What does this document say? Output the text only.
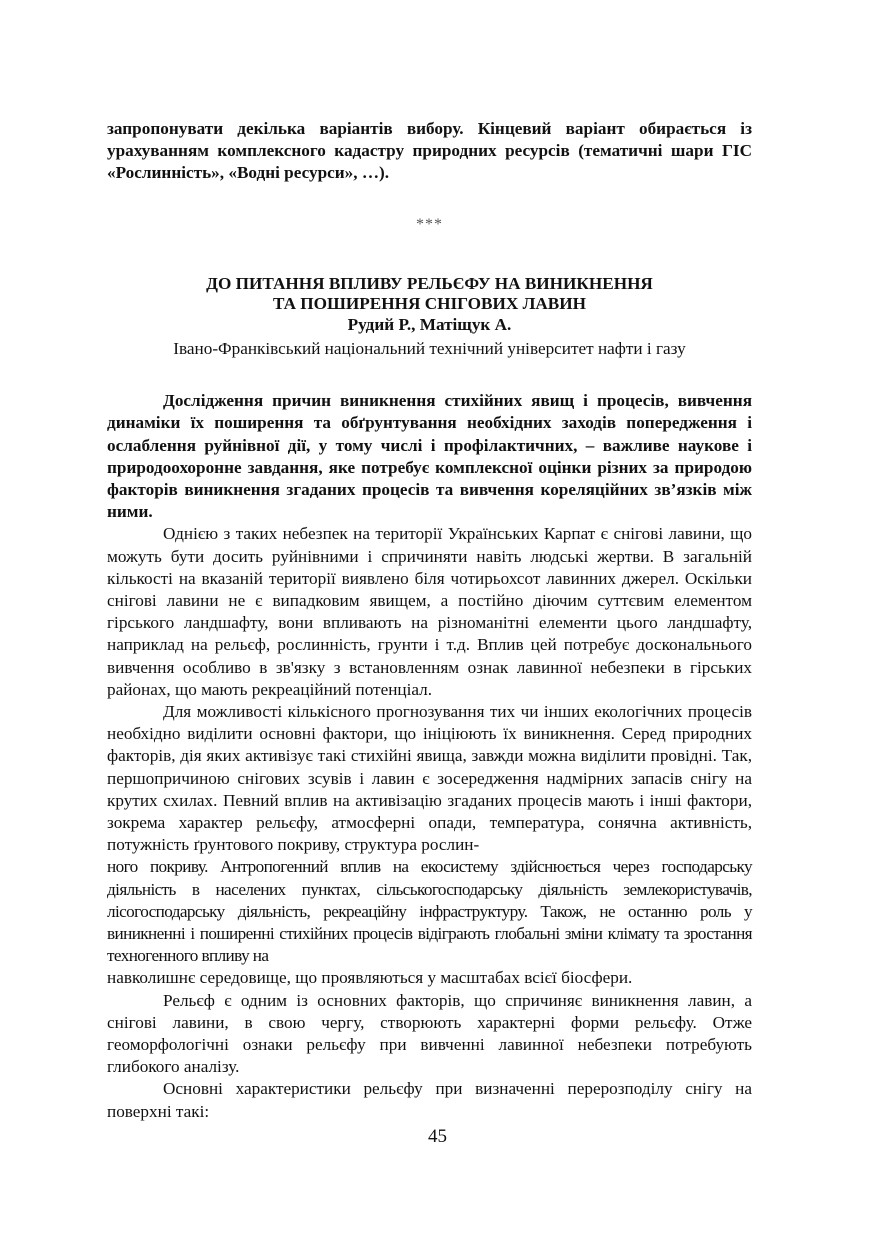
запропонувати декілька варіантів вибору. Кінцевий варіант обирається із урахуванням комплексного кадастру природних ресурсів (тематичні шари ГІС «Рослинність», «Водні ресурси», …).

***
ДО ПИТАННЯ ВПЛИВУ РЕЛЬЄФУ НА ВИНИКНЕННЯ
ТА ПОШИРЕННЯ СНІГОВИХ ЛАВИН
Рудий Р., Матіщук А.
Івано-Франківський національний технічний університет нафти і газу

Дослідження причин виникнення стихійних явищ і процесів, вивчення динаміки їх поширення та обґрунтування необхідних заходів попередження і ослаблення руйнівної дії, у тому числі і профілактичних, – важливе наукове і природоохоронне завдання, яке потребує комплексної оцінки різних за природою факторів виникнення згаданих процесів та вивчення кореляційних зв’язків між ними.

Однією з таких небезпек на території Українських Карпат є снігові лавини, що можуть бути досить руйнівними і спричиняти навіть людські жертви. В загальній кількості на вказаній території виявлено біля чотирьохсот лавинних джерел. Оскільки снігові лавини не є випадковим явищем, а постійно діючим суттєвим елементом гірського ландшафту, вони впливають на різноманітні елементи цього ландшафту, наприклад на рельєф, рослинність, грунти і т.д. Вплив цей потребує доскональнього вивчення особливо в зв'язку з встановленням ознак лавинної небезпеки в гірських районах, що мають рекреаційний потенціал.

Для можливості кількісного прогнозування тих чи інших екологічних процесів необхідно виділити основні фактори, що ініціюють їх виникнення. Серед природних факторів, дія яких активізує такі стихійні явища, завжди можна виділити провідні. Так, першопричиною снігових зсувів і лавин є зосередження надмірних запасів снігу на крутих схилах. Певний вплив на активізацію згаданих процесів мають і інші фактори, зокрема характер рельєфу, атмосферні опади, температура, сонячна активність, потужність ґрунтового покриву, структура рослин-

ного покриву. Антропогенний вплив на екосистему здійснюється через господарську діяльність в населених пунктах, сільськогосподарську діяльність землекористувачів, лісогосподарську діяльність, рекреаційну інфраструктуру. Також, не останню роль у виникненні і поширенні стихійних процесів відіграють глобальні зміни клімату та зростання техногенного впливу на

навколишнє середовище, що проявляються у масштабах всієї біосфери.

Рельєф є одним із основних факторів, що спричиняє виникнення лавин, а снігові лавини, в свою чергу, створюють характерні форми рельєфу. Отже геоморфологічні ознаки рельєфу при вивченні лавинної небезпеки потребують глибокого аналізу.

Основні характеристики рельєфу при визначенні перерозподілу снігу на поверхні такі:

45
